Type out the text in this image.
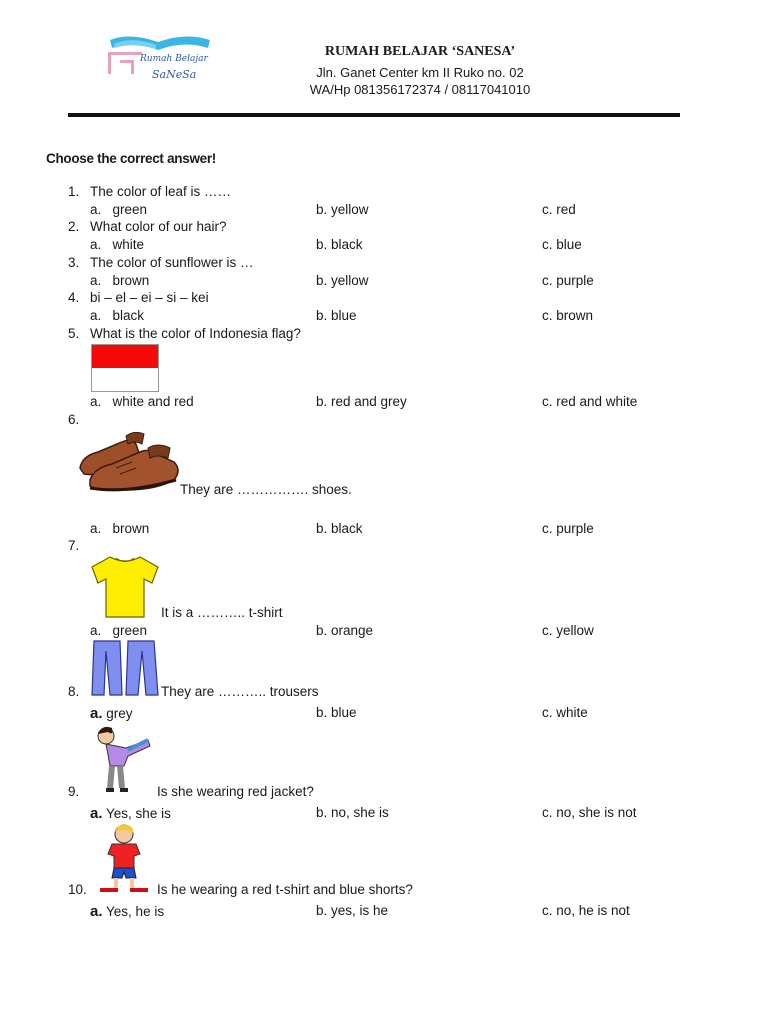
Rumah Belajar
SaNeSa
RUMAH BELAJAR ‘SANESA’
Jln. Ganet Center km II Ruko no. 02
WA/Hp 081356172374 / 08117041010
Choose the correct answer!
1. The color of leaf is ……
a. green	b. yellow	c. red
2. What color of our hair?
a. white	b. black	c. blue
3. The color of sunflower is …
a. brown	b. yellow	c. purple
4. bi – el – ei – si – kei
a. black	b. blue	c. brown
5. What is the color of Indonesia flag?
a. white and red	b. red and grey	c. red and white
6.
They are ……………. shoes.
a. brown	b. black	c. purple
7.
It is a ……….. t-shirt
a. green	b. orange	c. yellow
8.	They are ……….. trousers
a. grey	b. blue	c. white
9.	Is she wearing red jacket?
a. Yes, she is	b. no, she is	c. no, she is not
10.	Is he wearing a red t-shirt and blue shorts?
a. Yes, he is	b. yes, is he	c. no, he is not
